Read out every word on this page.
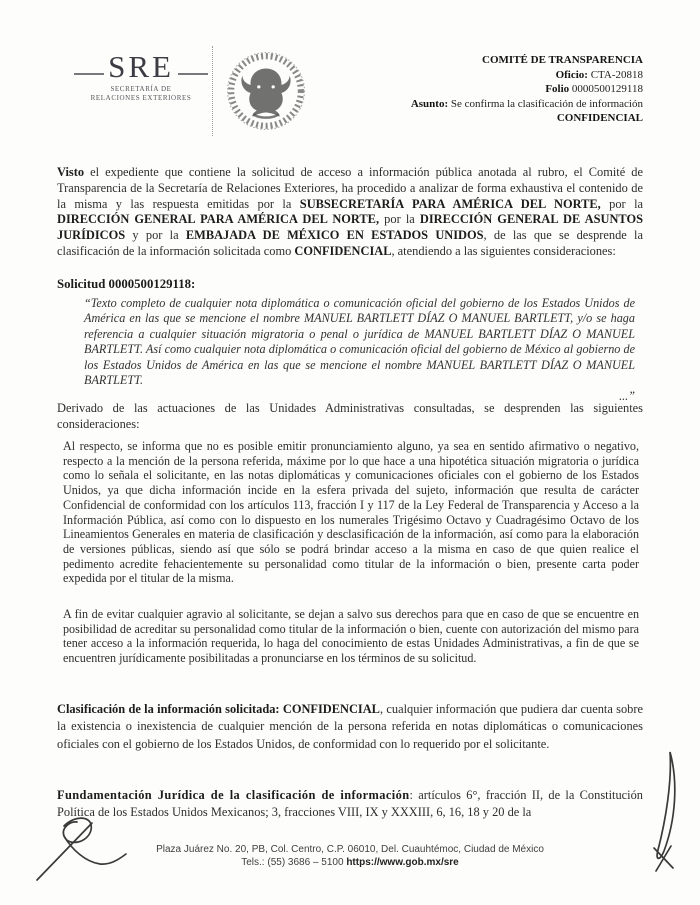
SRE
SECRETARÍA DE
RELACIONES EXTERIORES
COMITÉ DE TRANSPARENCIA
Oficio: CTA-20818
Folio 0000500129118
Asunto: Se confirma la clasificación de información
CONFIDENCIAL

Visto el expediente que contiene la solicitud de acceso a información pública anotada al rubro, el Comité de Transparencia de la Secretaría de Relaciones Exteriores, ha procedido a analizar de forma exhaustiva el contenido de la misma y las respuesta emitidas por la SUBSECRETARÍA PARA AMÉRICA DEL NORTE, por la DIRECCIÓN GENERAL PARA AMÉRICA DEL NORTE, por la DIRECCIÓN GENERAL DE ASUNTOS JURÍDICOS y por la EMBAJADA DE MÉXICO EN ESTADOS UNIDOS, de las que se desprende la clasificación de la información solicitada como CONFIDENCIAL, atendiendo a las siguientes consideraciones:

Solicitud 0000500129118:

“Texto completo de cualquier nota diplomática o comunicación oficial del gobierno de los Estados Unidos de América en las que se mencione el nombre MANUEL BARTLETT DÍAZ O MANUEL BARTLETT, y/o se haga referencia a cualquier situación migratoria o penal o jurídica de MANUEL BARTLETT DÍAZ O MANUEL BARTLETT. Así como cualquier nota diplomática o comunicación oficial del gobierno de México al gobierno de los Estados Unidos de América en las que se mencione el nombre MANUEL BARTLETT DÍAZ O MANUEL BARTLETT.
...”

Derivado de las actuaciones de las Unidades Administrativas consultadas, se desprenden las siguientes consideraciones:

Al respecto, se informa que no es posible emitir pronunciamiento alguno, ya sea en sentido afirmativo o negativo, respecto a la mención de la persona referida, máxime por lo que hace a una hipotética situación migratoria o jurídica como lo señala el solicitante, en las notas diplomáticas y comunicaciones oficiales con el gobierno de los Estados Unidos, ya que dicha información incide en la esfera privada del sujeto, información que resulta de carácter Confidencial de conformidad con los artículos 113, fracción I y 117 de la Ley Federal de Transparencia y Acceso a la Información Pública, así como con lo dispuesto en los numerales Trigésimo Octavo y Cuadragésimo Octavo de los Lineamientos Generales en materia de clasificación y desclasificación de la información, así como para la elaboración de versiones públicas, siendo así que sólo se podrá brindar acceso a la misma en caso de que quien realice el pedimento acredite fehacientemente su personalidad como titular de la información o bien, presente carta poder expedida por el titular de la misma.

A fin de evitar cualquier agravio al solicitante, se dejan a salvo sus derechos para que en caso de que se encuentre en posibilidad de acreditar su personalidad como titular de la información o bien, cuente con autorización del mismo para tener acceso a la información requerida, lo haga del conocimiento de estas Unidades Administrativas, a fin de que se encuentren jurídicamente posibilitadas a pronunciarse en los términos de su solicitud.

Clasificación de la información solicitada: CONFIDENCIAL, cualquier información que pudiera dar cuenta sobre la existencia o inexistencia de cualquier mención de la persona referida en notas diplomáticas o comunicaciones oficiales con el gobierno de los Estados Unidos, de conformidad con lo requerido por el solicitante.

Fundamentación Jurídica de la clasificación de información: artículos 6°, fracción II, de la Constitución Política de los Estados Unidos Mexicanos; 3, fracciones VIII, IX y XXXIII, 6, 16, 18 y 20 de la

Plaza Juárez No. 20, PB, Col. Centro, C.P. 06010, Del. Cuauhtémoc, Ciudad de México
Tels.: (55) 3686 – 5100 https://www.gob.mx/sre
